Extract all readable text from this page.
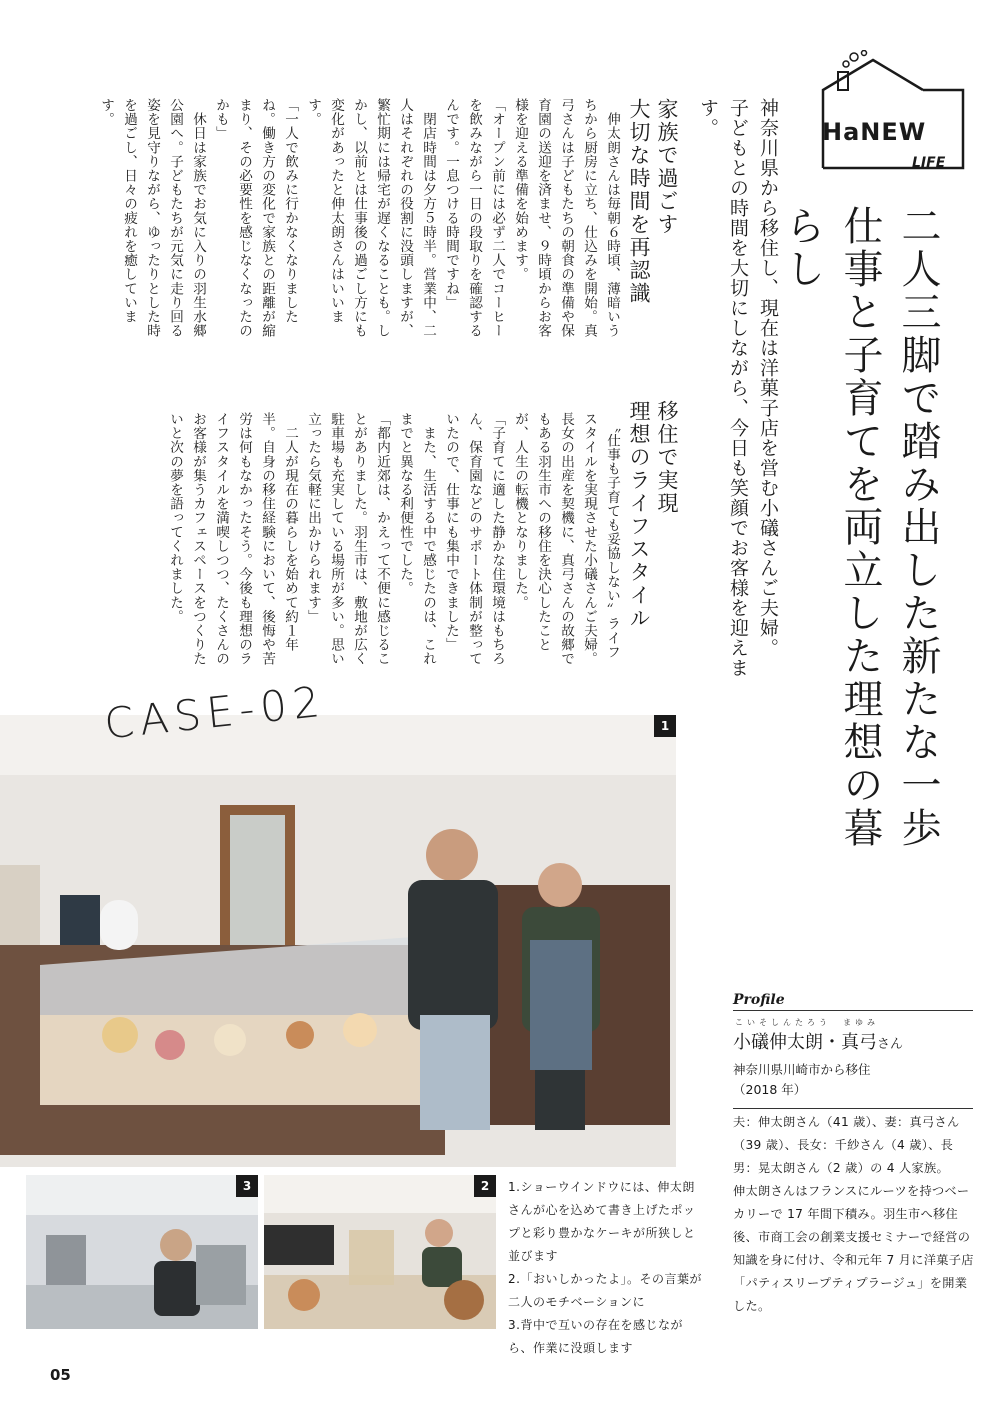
HaNEW
LIFE
二人三脚で踏み出した新たな一歩
仕事と子育てを両立した理想の暮らし
神奈川県から移住し、現在は洋菓子店を営む小礒さんご夫婦。
子どもとの時間を大切にしながら、今日も笑顔でお客様を迎えます。
家族で過ごす
大切な時間を再認識
　伸太朗さんは毎朝６時頃、薄暗いうちから厨房に立ち、仕込みを開始。真弓さんは子どもたちの朝食の準備や保育園の送迎を済ませ、９時頃からお客様を迎える準備を始めます。
「オープン前には必ず二人でコーヒーを飲みながら一日の段取りを確認するんです。一息つける時間ですね」
　閉店時間は夕方５時半。営業中、二人はそれぞれの役割に没頭しますが、繁忙期には帰宅が遅くなることも。しかし、以前とは仕事後の過ごし方にも変化があったと伸太朗さんはいいます。
「一人で飲みに行かなくなりましたね。働き方の変化で家族との距離が縮まり、その必要性を感じなくなったのかも」
　休日は家族でお気に入りの羽生水郷公園へ。子どもたちが元気に走り回る姿を見守りながら、ゆったりとした時を過ごし、日々の疲れを癒しています。
移住で実現
理想のライフスタイル
　〝仕事も子育ても妥協しない〟ライフスタイルを実現させた小礒さんご夫婦。長女の出産を契機に、真弓さんの故郷でもある羽生市への移住を決心したことが、人生の転機となりました。
「子育てに適した静かな住環境はもちろん、保育園などのサポート体制が整っていたので、仕事にも集中できました」
　また、生活する中で感じたのは、これまでと異なる利便性でした。
「都内近郊は、かえって不便に感じることがありました。羽生市は、敷地が広く駐車場も充実している場所が多い。思い立ったら気軽に出かけられます」
　二人が現在の暮らしを始めて約１年半。自身の移住経験において、後悔や苦労は何もなかったそう。今後も理想のライフスタイルを満喫しつつ、たくさんのお客様が集うカフェスペースをつくりたいと次の夢を語ってくれました。
1
CASE-02
3	2	1.ショーウインドウには、伸太朗さんが心を込めて書き上げたポップと彩り豊かなケーキが所狭しと並びます
2.「おいしかったよ」。その言葉が二人のモチベーションに
3.背中で互いの存在を感じながら、作業に没頭します
Profile
こいそしんたろう　まゆみ
小礒伸太朗・真弓さん
神奈川県川崎市から移住
（2018 年）
夫：伸太朗さん（41 歳）、妻：真弓さん（39 歳）、長女：千紗さん（4 歳）、長男：晃太朗さん（2 歳）の 4 人家族。
伸太朗さんはフランスにルーツを持つベーカリーで 17 年間下積み。羽生市へ移住後、市商工会の創業支援セミナーで経営の知識を身に付け、令和元年 7 月に洋菓子店「パティスリープティプラージュ」を開業した。
05
